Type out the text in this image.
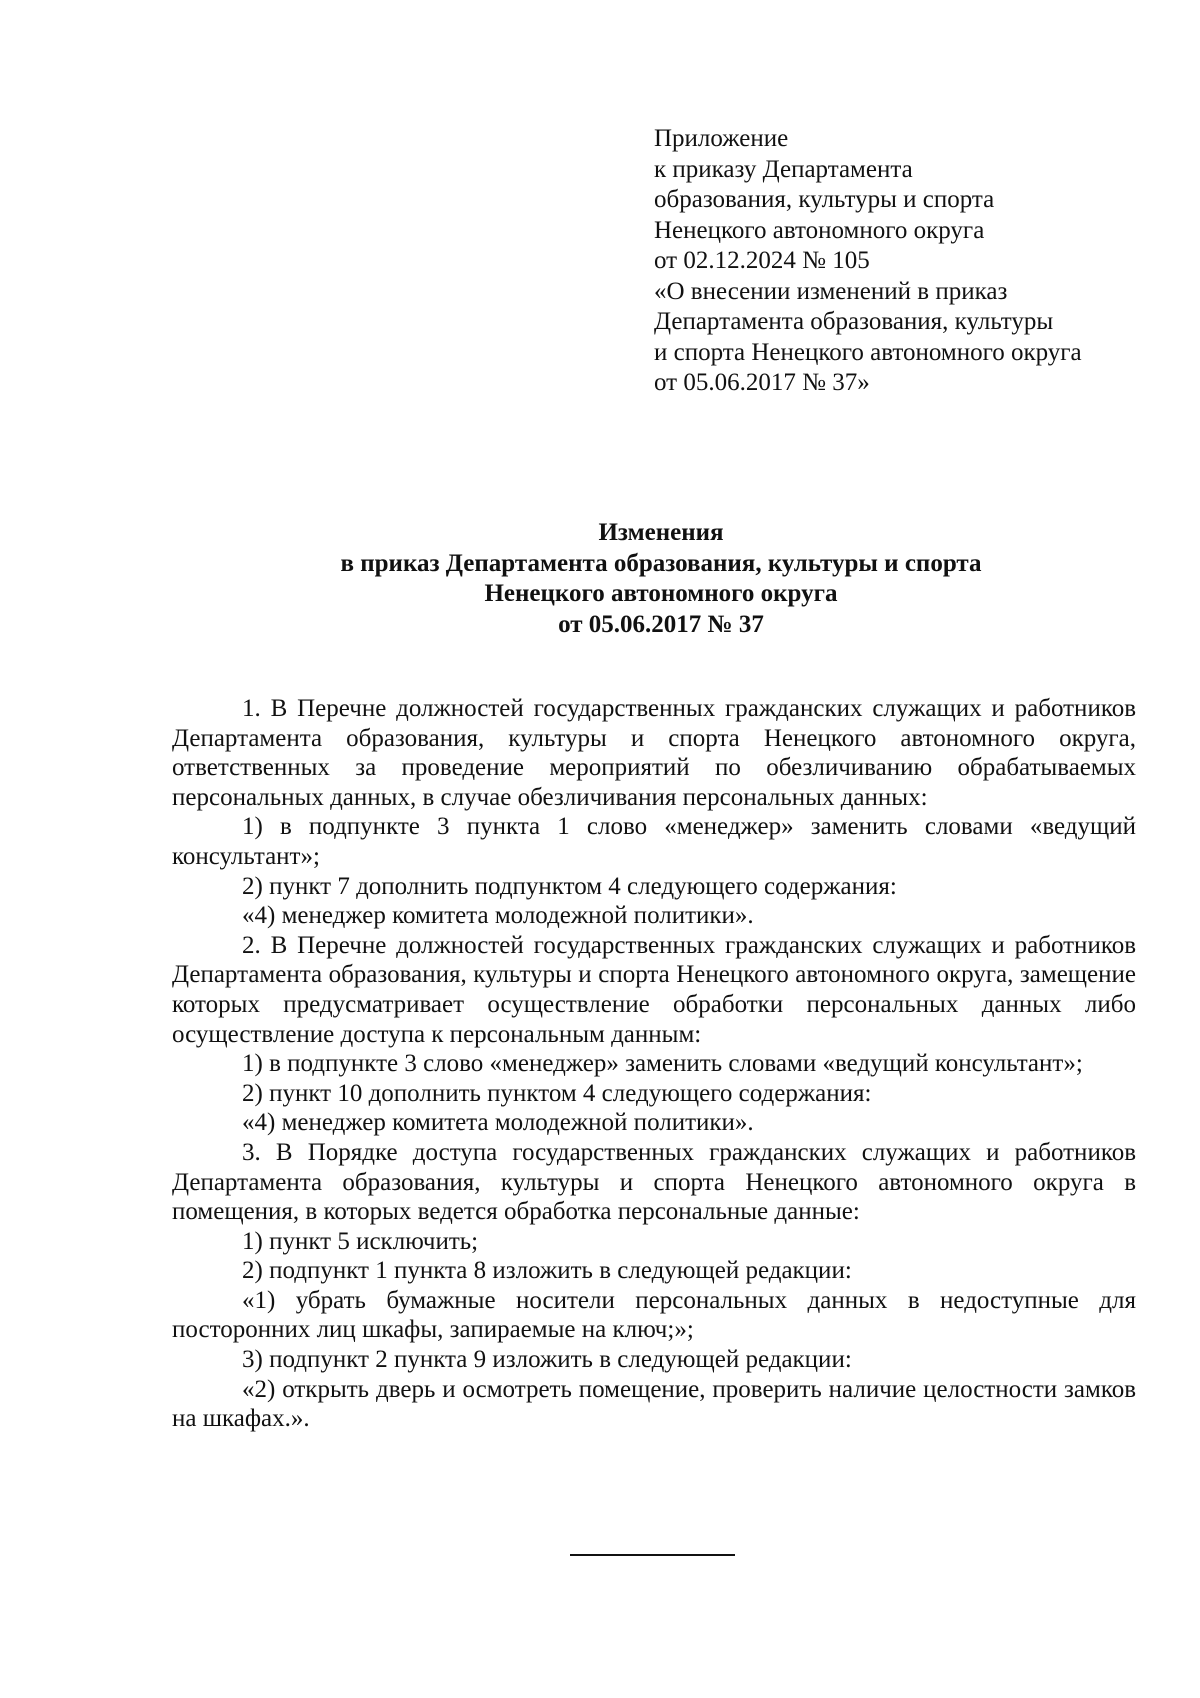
Приложение
к приказу Департамента
образования, культуры и спорта
Ненецкого автономного округа
от 02.12.2024 № 105
«О внесении изменений в приказ
Департамента образования, культуры
и спорта Ненецкого автономного округа
от 05.06.2017 № 37»
Изменения
в приказ Департамента образования, культуры и спорта
Ненецкого автономного округа
от 05.06.2017 № 37

1. В Перечне должностей государственных гражданских служащих и работников Департамента образования, культуры и спорта Ненецкого автономного округа, ответственных за проведение мероприятий по обезличиванию обрабатываемых персональных данных, в случае обезличивания персональных данных:

1) в подпункте 3 пункта 1 слово «менеджер» заменить словами «ведущий консультант»;

2) пункт 7 дополнить подпунктом 4 следующего содержания:

«4) менеджер комитета молодежной политики».

2. В Перечне должностей государственных гражданских служащих и работников Департамента образования, культуры и спорта Ненецкого автономного округа, замещение которых предусматривает осуществление обработки персональных данных либо осуществление доступа к персональным данным:

1) в подпункте 3 слово «менеджер» заменить словами «ведущий консультант»;

2) пункт 10 дополнить пунктом 4 следующего содержания:

«4) менеджер комитета молодежной политики».

3. В Порядке доступа государственных гражданских служащих и работников Департамента образования, культуры и спорта Ненецкого автономного округа в помещения, в которых ведется обработка персональные данные:

1) пункт 5 исключить;

2) подпункт 1 пункта 8 изложить в следующей редакции:

«1) убрать бумажные носители персональных данных в недоступные для посторонних лиц шкафы, запираемые на ключ;»;

3) подпункт 2 пункта 9 изложить в следующей редакции:

«2) открыть дверь и осмотреть помещение, проверить наличие целостности замков на шкафах.».
